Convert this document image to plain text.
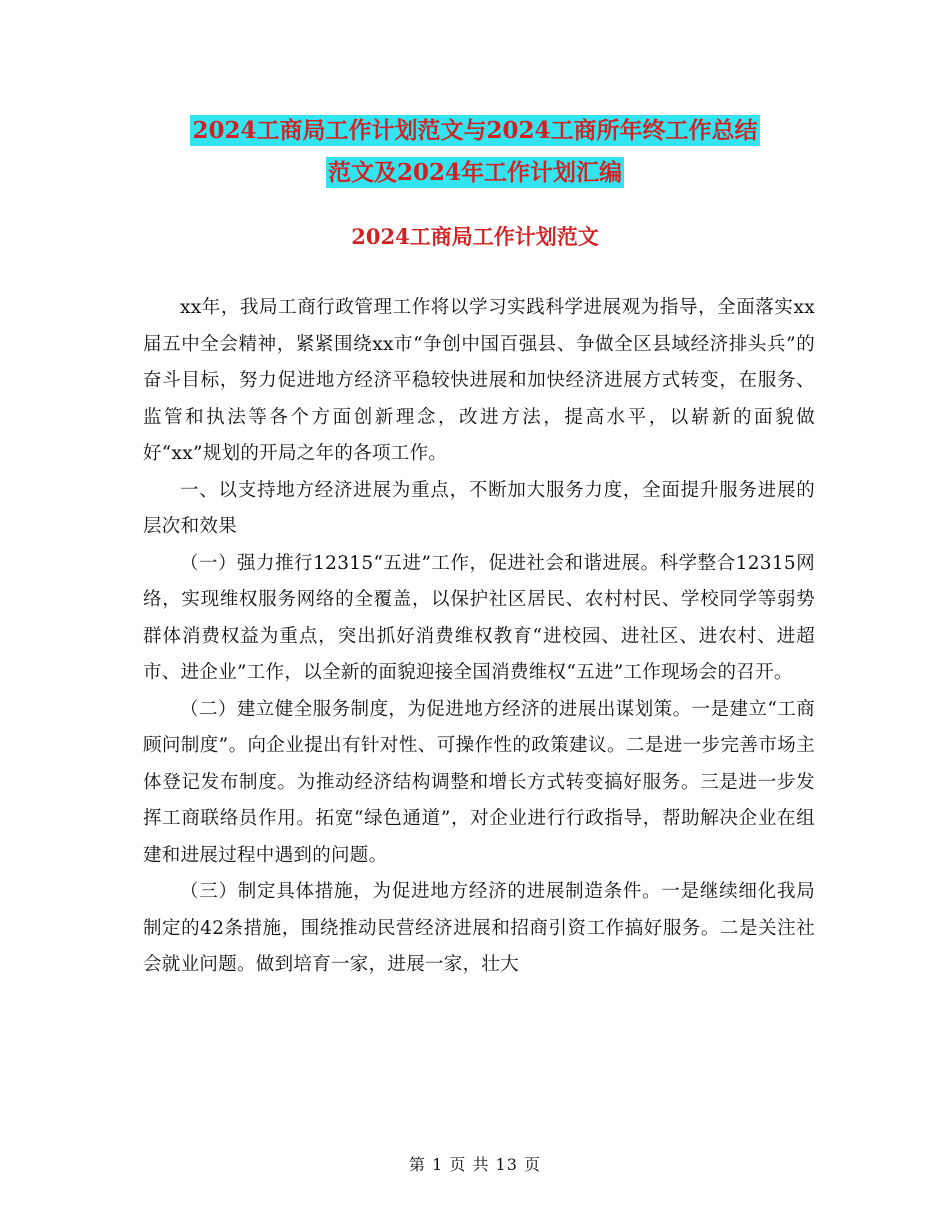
2024工商局工作计划范文与2024工商所年终工作总结
范文及2024年工作计划汇编
2024工商局工作计划范文

xx年，我局工商行政管理工作将以学习实践科学进展观为指导，全面落实xx届五中全会精神，紧紧围绕xx市“争创中国百强县、争做全区县域经济排头兵”的奋斗目标，努力促进地方经济平稳较快进展和加快经济进展方式转变，在服务、监管和执法等各个方面创新理念，改进方法，提高水平，以崭新的面貌做好“xx”规划的开局之年的各项工作。

一、以支持地方经济进展为重点，不断加大服务力度，全面提升服务进展的层次和效果

（一）强力推行12315“五进”工作，促进社会和谐进展。科学整合12315网络，实现维权服务网络的全覆盖，以保护社区居民、农村村民、学校同学等弱势群体消费权益为重点，突出抓好消费维权教育“进校园、进社区、进农村、进超市、进企业”工作，以全新的面貌迎接全国消费维权“五进”工作现场会的召开。

（二）建立健全服务制度，为促进地方经济的进展出谋划策。一是建立“工商顾问制度”。向企业提出有针对性、可操作性的政策建议。二是进一步完善市场主体登记发布制度。为推动经济结构调整和增长方式转变搞好服务。三是进一步发挥工商联络员作用。拓宽“绿色通道”，对企业进行行政指导，帮助解决企业在组建和进展过程中遇到的问题。

（三）制定具体措施，为促进地方经济的进展制造条件。一是继续细化我局制定的42条措施，围绕推动民营经济进展和招商引资工作搞好服务。二是关注社会就业问题。做到培育一家，进展一家，壮大

第 1 页 共 13 页
